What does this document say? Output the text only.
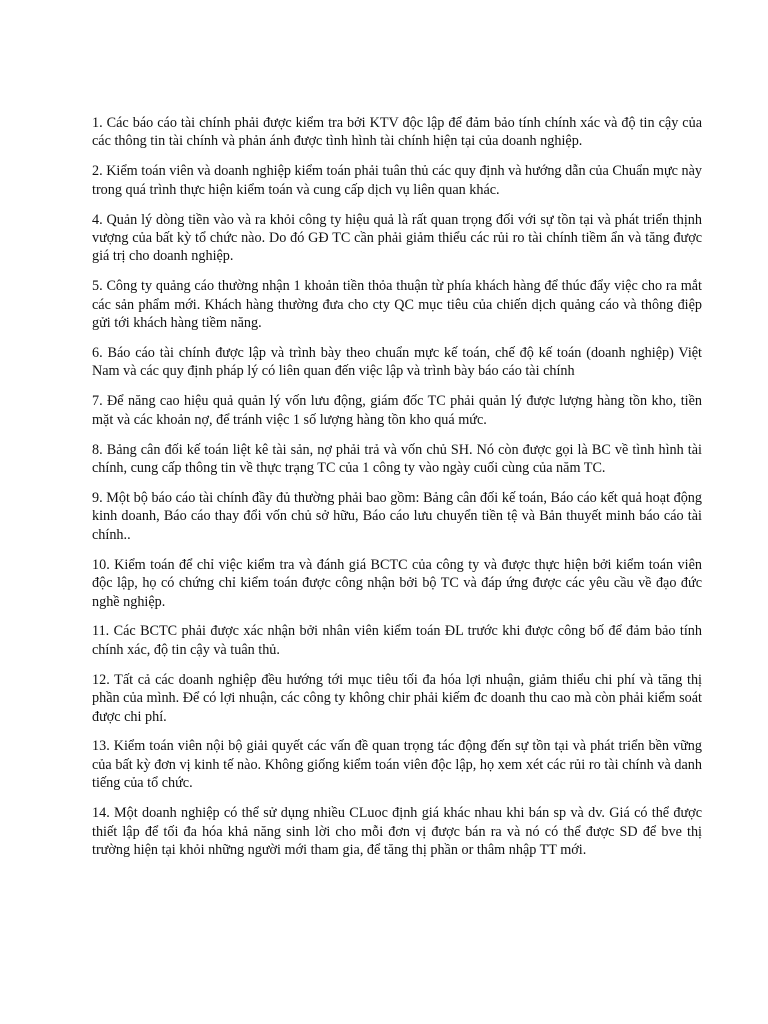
1. Các báo cáo tài chính phải được kiểm tra bởi KTV độc lập để đảm bảo tính chính xác và độ tin cậy của các thông tin tài chính và phản ánh được tình hình tài chính hiện tại của doanh nghiệp.

2. Kiểm toán viên và doanh nghiệp kiểm toán phải tuân thủ các quy định và hướng dẫn của Chuẩn mực này trong quá trình thực hiện kiểm toán và cung cấp dịch vụ liên quan khác.

4. Quản lý dòng tiền vào và ra khỏi công ty hiệu quả là rất quan trọng đối với sự tồn tại và phát triển thịnh vượng của bất kỳ tổ chức nào. Do đó GĐ TC cần phải giảm thiểu các rủi ro tài chính tiềm ẩn và tăng được giá trị cho doanh nghiệp.

5. Công ty quảng cáo thường nhận 1 khoản tiền thỏa thuận từ phía khách hàng để thúc đẩy việc cho ra mắt các sản phẩm mới. Khách hàng thường đưa cho cty QC mục tiêu của chiến dịch quảng cáo và thông điệp gửi tới khách hàng tiềm năng.

6. Báo cáo tài chính được lập và trình bày theo chuẩn mực kế toán, chế độ kế toán (doanh nghiệp) Việt Nam và các quy định pháp lý có liên quan đến việc lập và trình bày báo cáo tài chính

7. Để năng cao hiệu quả quản lý vốn lưu động, giám đốc TC phải quản lý được lượng hàng tồn kho, tiền mặt và các khoản nợ, để tránh việc 1 số lượng hàng tồn kho quá mức.

8. Bảng cân đối kế toán liệt kê tài sản, nợ phải trả và vốn chủ SH. Nó còn được gọi là BC về tình hình tài chính, cung cấp thông tin về thực trạng TC của 1 công ty vào ngày cuối cùng của năm TC.

9. Một bộ báo cáo tài chính đầy đủ thường phải bao gồm: Bảng cân đối kế toán, Báo cáo kết quả hoạt động kinh doanh, Báo cáo thay đổi vốn chủ sở hữu, Báo cáo lưu chuyển tiền tệ và Bản thuyết minh báo cáo tài chính..

10. Kiểm toán để chỉ việc kiểm tra và đánh giá BCTC của công ty và được thực hiện bởi kiểm toán viên độc lập, họ có chứng chỉ kiểm toán được công nhận bởi bộ TC và đáp ứng được các yêu cầu về đạo đức nghề nghiệp.

11. Các BCTC phải được xác nhận bởi nhân viên kiểm toán ĐL trước khi được công bố để đảm bảo tính chính xác, độ tin cậy và tuân thủ.

12. Tất cả các doanh nghiệp đều hướng tới mục tiêu tối đa hóa lợi nhuận, giảm thiểu chi phí và tăng thị phần của mình. Để có lợi nhuận, các công ty không chir phải kiếm đc doanh thu cao mà còn phải kiểm soát được chi phí.

13. Kiểm toán viên nội bộ giải quyết các vấn đề quan trọng tác động đến sự tồn tại và phát triển bền vững của bất kỳ đơn vị kinh tế nào. Không giống kiểm toán viên độc lập, họ xem xét các rủi ro tài chính và danh tiếng của tổ chức.

14. Một doanh nghiệp có thể sử dụng nhiều CLuoc định giá khác nhau khi bán sp và dv. Giá có thể được thiết lập để tối đa hóa khả năng sinh lời cho mỗi đơn vị được bán ra và nó có thể được SD để bve thị trường hiện tại khỏi những người mới tham gia, để tăng thị phần or thâm nhập TT mới.
